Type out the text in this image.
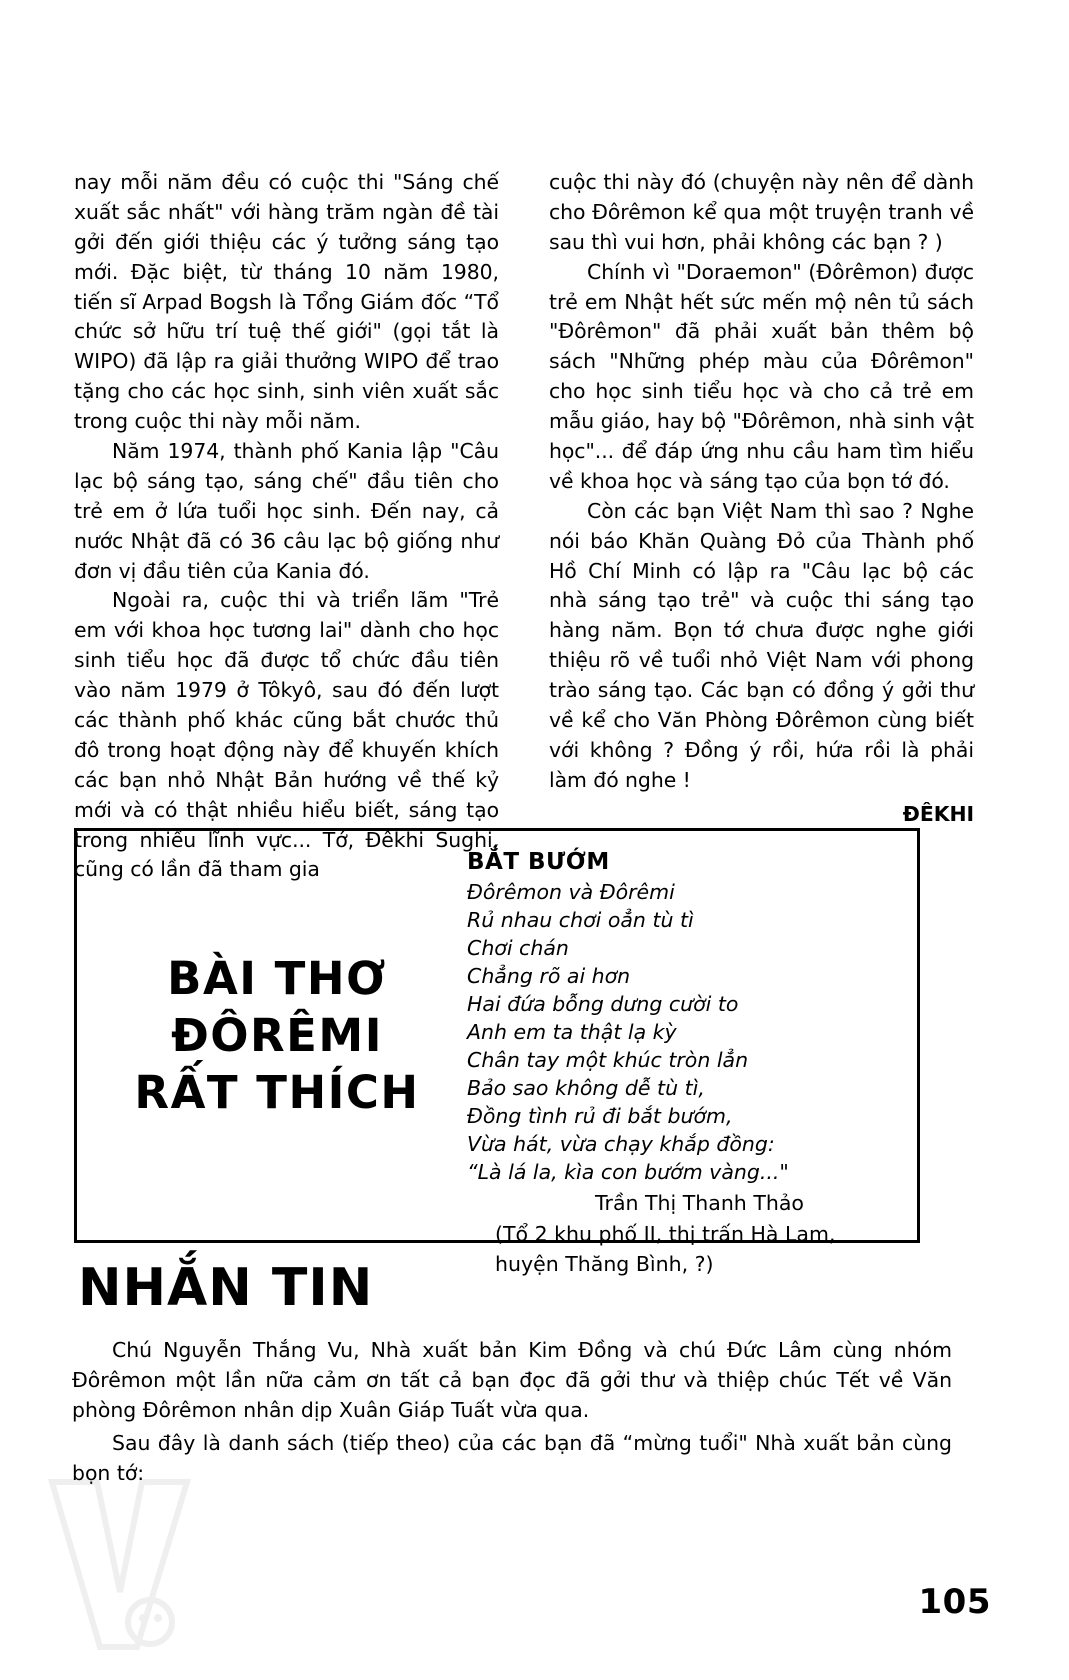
nay mỗi năm đều có cuộc thi "Sáng chế xuất sắc nhất" với hàng trăm ngàn đề tài gởi đến giới thiệu các ý tưởng sáng tạo mới. Đặc biệt, từ tháng 10 năm 1980, tiến sĩ Arpad Bogsh là Tổng Giám đốc “Tổ chức sở hữu trí tuệ thế giới" (gọi tắt là WIPO) đã lập ra giải thưởng WIPO để trao tặng cho các học sinh, sinh viên xuất sắc trong cuộc thi này mỗi năm.

Năm 1974, thành phố Kania lập "Câu lạc bộ sáng tạo, sáng chế" đầu tiên cho trẻ em ở lứa tuổi học sinh. Đến nay, cả nước Nhật đã có 36 câu lạc bộ giống như đơn vị đầu tiên của Kania đó.

Ngoài ra, cuộc thi và triển lãm "Trẻ em với khoa học tương lai" dành cho học sinh tiểu học đã được tổ chức đầu tiên vào năm 1979 ở Tôkyô, sau đó đến lượt các thành phố khác cũng bắt chước thủ đô trong hoạt động này để khuyến khích các bạn nhỏ Nhật Bản hướng về thế kỷ mới và có thật nhiều hiểu biết, sáng tạo trong nhiều lĩnh vực... Tớ, Đêkhi Sughi, cũng có lần đã tham gia

cuộc thi này đó (chuyện này nên để dành cho Đôrêmon kể qua một truyện tranh về sau thì vui hơn, phải không các bạn ? )

Chính vì "Doraemon" (Đôrêmon) được trẻ em Nhật hết sức mến mộ nên tủ sách "Đôrêmon" đã phải xuất bản thêm bộ sách "Những phép màu của Đôrêmon" cho học sinh tiểu học và cho cả trẻ em mẫu giáo, hay bộ "Đôrêmon, nhà sinh vật học"... để đáp ứng nhu cầu ham tìm hiểu về khoa học và sáng tạo của bọn tớ đó.

Còn các bạn Việt Nam thì sao ? Nghe nói báo Khăn Quàng Đỏ của Thành phố Hồ Chí Minh có lập ra "Câu lạc bộ các nhà sáng tạo trẻ" và cuộc thi sáng tạo hàng năm. Bọn tớ chưa được nghe giới thiệu rõ về tuổi nhỏ Việt Nam với phong trào sáng tạo. Các bạn có đồng ý gởi thư về kể cho Văn Phòng Đôrêmon cùng biết với không ? Đồng ý rồi, hứa rồi là phải làm đó nghe !

ĐÊKHI

BÀI THƠ
ĐÔRÊMI
RẤT THÍCH
BẮT BƯỚM
Đôrêmon và Đôrêmi
Rủ nhau chơi oẳn tù tì
Chơi chán
Chẳng rõ ai hơn
Hai đứa bỗng dưng cười to
Anh em ta thật lạ kỳ
Chân tay một khúc tròn lẳn
Bảo sao không dễ tù tì,
Đồng tình rủ đi bắt bướm,
Vừa hát, vừa chạy khắp đồng:
“Là lá la, kìa con bướm vàng..."
Trần Thị Thanh Thảo
(Tổ 2 khu phố II, thị trấn Hà Lam,
huyện Thăng Bình, ?)
NHẮN TIN

Chú Nguyễn Thắng Vu, Nhà xuất bản Kim Đồng và chú Đức Lâm cùng nhóm Đôrêmon một lần nữa cảm ơn tất cả bạn đọc đã gởi thư và thiệp chúc Tết về Văn phòng Đôrêmon nhân dịp Xuân Giáp Tuất vừa qua.

Sau đây là danh sách (tiếp theo) của các bạn đã “mừng tuổi" Nhà xuất bản cùng bọn tớ:

105
